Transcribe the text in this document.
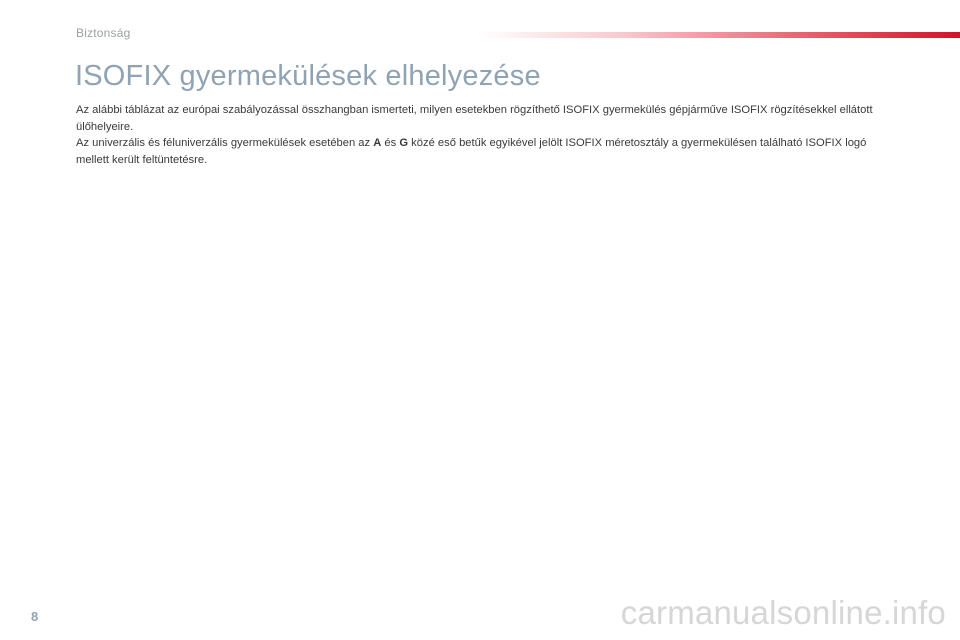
Biztonság
ISOFIX gyermekülések elhelyezése

Az alábbi táblázat az európai szabályozással összhangban ismerteti, milyen esetekben rögzíthető ISOFIX gyermekülés gépjárműve ISOFIX rögzítésekkel ellátott ülőhelyeire.

Az univerzális és féluniverzális gyermekülések esetében az A és G közé eső betűk egyikével jelölt ISOFIX méretosztály a gyermekülésen található ISOFIX logó mellett került feltüntetésre.

8	carmanualsonline.info
